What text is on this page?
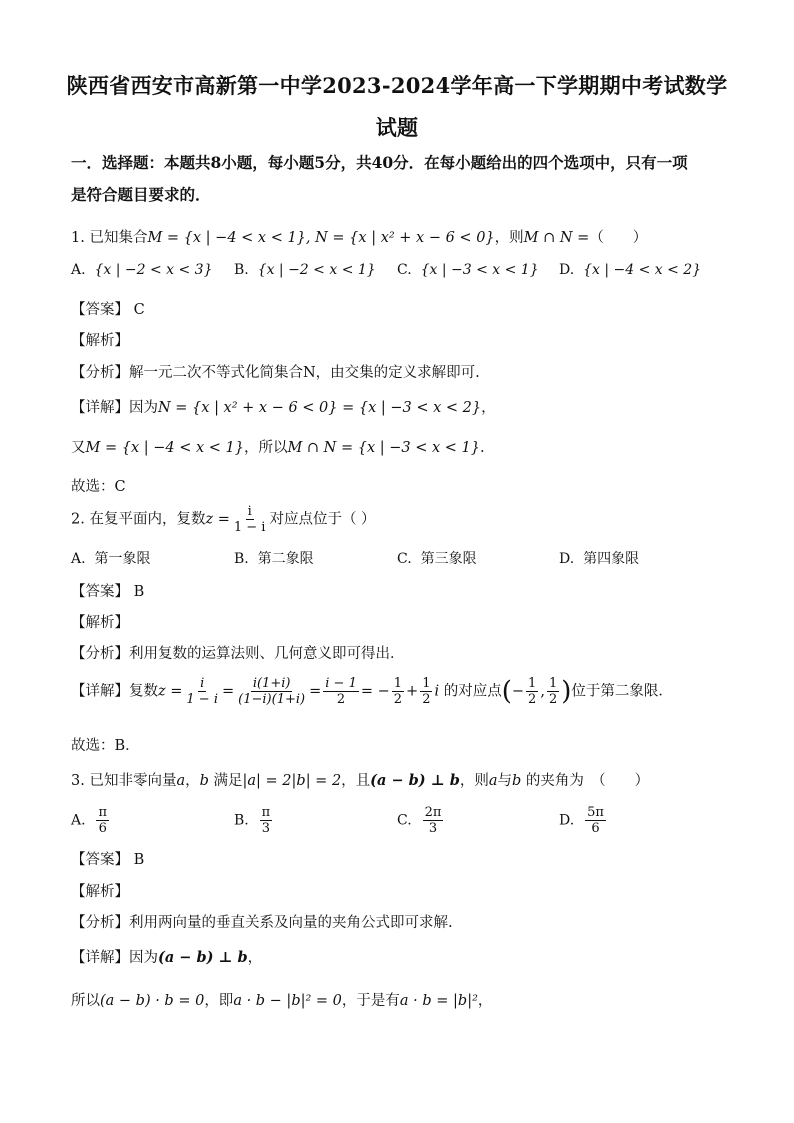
陕西省西安市高新第一中学2023-2024学年高一下学期期中考试数学
试题
一．选择题：本题共8小题，每小题5分，共40分．在每小题给出的四个选项中，只有一项
是符合题目要求的．
1. 已知集合M = {x | −4 < x < 1}, N = {x | x² + x − 6 < 0}，则M ∩ N =（　　）
A. {x | −2 < x < 3} B. {x | −2 < x < 1} C. {x | −3 < x < 1} D. {x | −4 < x < 2}
【答案】 C
【解析】
【分析】解一元二次不等式化简集合N，由交集的定义求解即可.
【详解】因为N = {x | x² + x − 6 < 0} = {x | −3 < x < 2}，
又M = {x | −4 < x < 1}，所以M ∩ N = {x | −3 < x < 1}.
故选：C
2. 在复平面内，复数$z = \frac{i}{1 - i}$ 对应点位于（ ）
A. 第一象限	B. 第二象限	C. 第三象限	D. 第四象限
【答案】 B
【解析】
【分析】利用复数的运算法则、几何意义即可得出．
【详解】复数$z = \frac{i}{1 - i} = \frac{i(1+i)}{(1-i)(1+i)} = \frac{i - 1}{2}$ = − $\frac{1}{2} + \frac{1}{2}$ i 的对应点(− $\frac{1}{2}$ , $\frac{1}{2}$ )位于第二象限．
故选：B．
3. 已知非零向量a，b 满足|a| = 2|b| = 2，且(a − b) ⊥ b，则a与b 的夹角为　（　　）
A. $\frac{\pi}{6}$	B. $\frac{\pi}{3}$	C. $\frac{2\pi}{3}$	D. $\frac{5\pi}{6}$
【答案】 B
【解析】
【分析】利用两向量的垂直关系及向量的夹角公式即可求解.
【详解】因为(a − b) ⊥ b，
所以(a − b) · b = 0，即a · b − |b|² = 0，于是有a · b = |b|²，
